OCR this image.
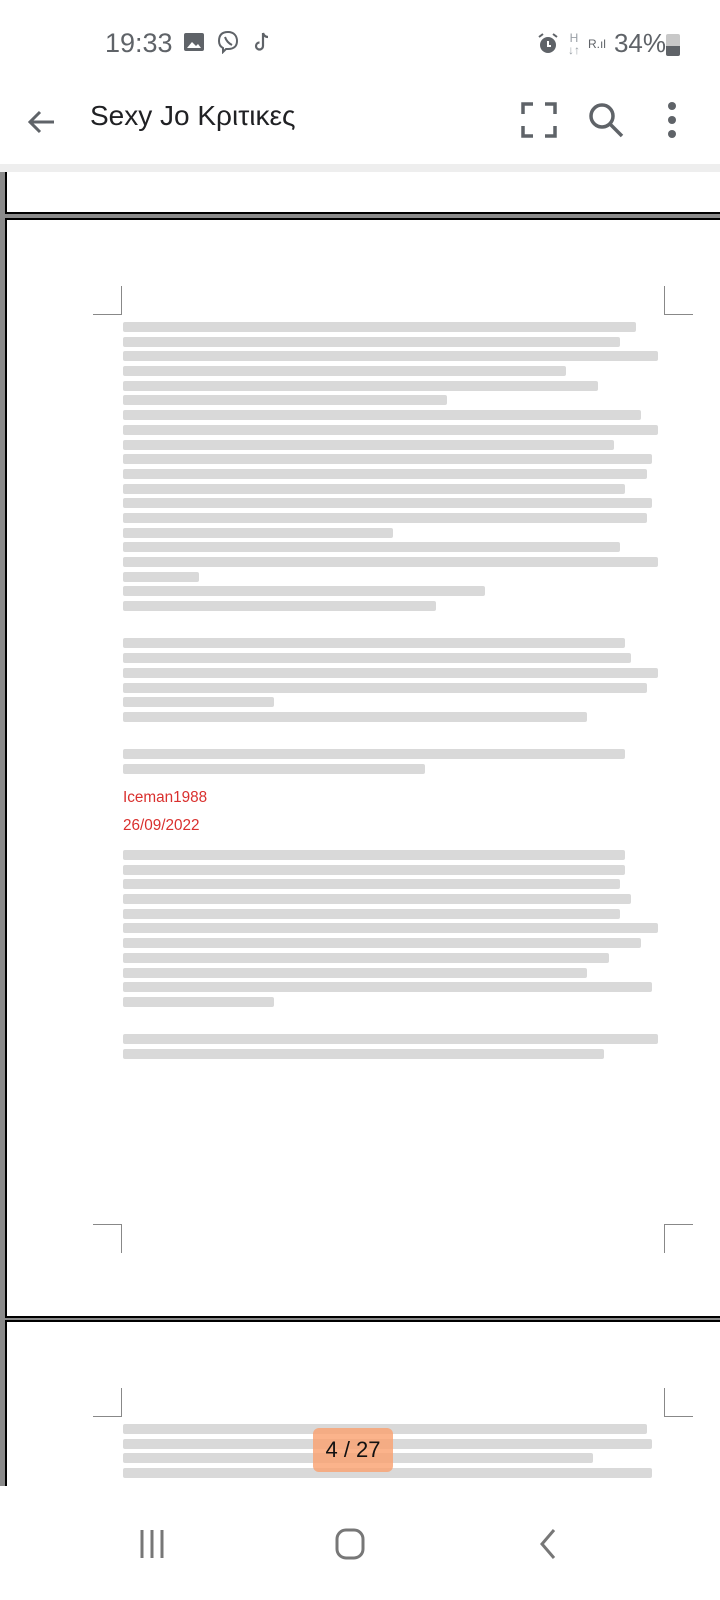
19:33	H
↓↑ R.ıl 34%
Sexy Jo Κριτικες

Iceman1988

26/09/2022

4 / 27
